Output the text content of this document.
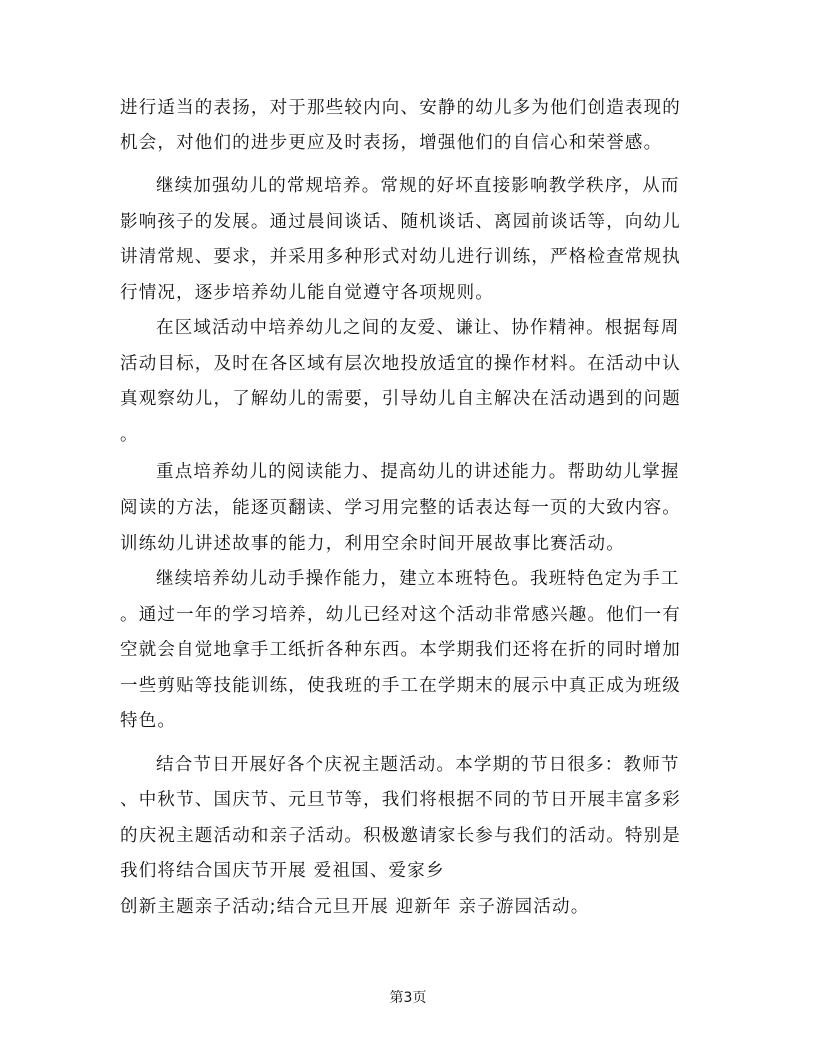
进行适当的表扬，对于那些较内向、安静的幼儿多为他们创造表现的
机会，对他们的进步更应及时表扬，增强他们的自信心和荣誉感。
继续加强幼儿的常规培养。常规的好坏直接影响教学秩序，从而
影响孩子的发展。通过晨间谈话、随机谈话、离园前谈话等，向幼儿
讲清常规、要求，并采用多种形式对幼儿进行训练，严格检查常规执
行情况，逐步培养幼儿能自觉遵守各项规则。
在区域活动中培养幼儿之间的友爱、谦让、协作精神。根据每周
活动目标，及时在各区域有层次地投放适宜的操作材料。在活动中认
真观察幼儿，了解幼儿的需要，引导幼儿自主解决在活动遇到的问题
。
重点培养幼儿的阅读能力、提高幼儿的讲述能力。帮助幼儿掌握
阅读的方法，能逐页翻读、学习用完整的话表达每一页的大致内容。
训练幼儿讲述故事的能力，利用空余时间开展故事比赛活动。
继续培养幼儿动手操作能力，建立本班特色。我班特色定为手工
。通过一年的学习培养，幼儿已经对这个活动非常感兴趣。他们一有
空就会自觉地拿手工纸折各种东西。本学期我们还将在折的同时增加
一些剪贴等技能训练，使我班的手工在学期末的展示中真正成为班级
特色。
结合节日开展好各个庆祝主题活动。本学期的节日很多：教师节
、中秋节、国庆节、元旦节等，我们将根据不同的节日开展丰富多彩
的庆祝主题活动和亲子活动。积极邀请家长参与我们的活动。特别是
我们将结合国庆节开展 爱祖国、爱家乡
创新主题亲子活动;结合元旦开展 迎新年 亲子游园活动。
第3页
